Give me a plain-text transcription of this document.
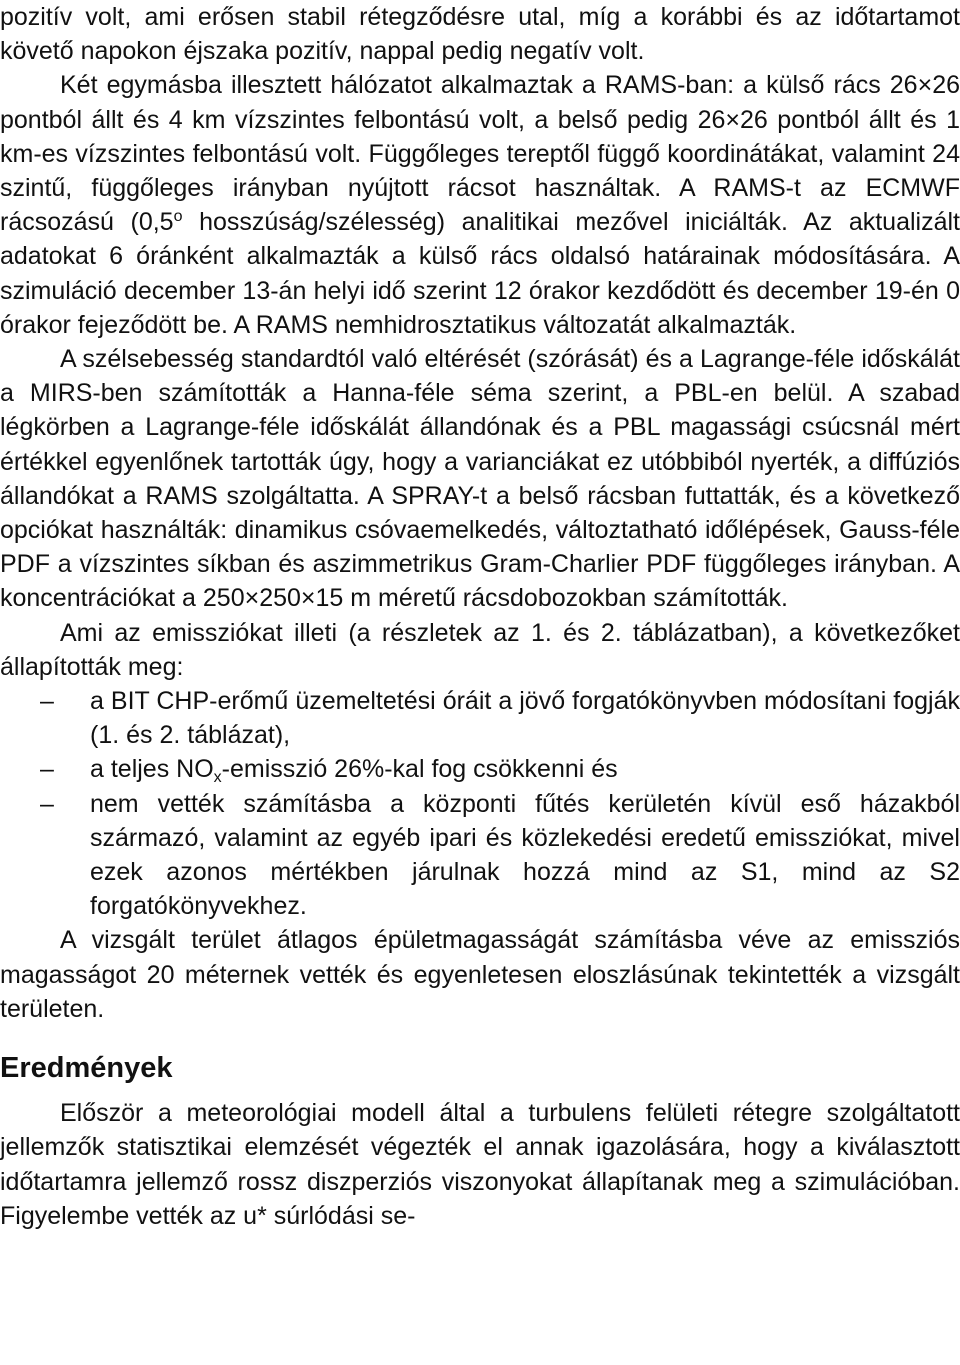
pozitív volt, ami erősen stabil rétegződésre utal, míg a korábbi és az időtartamot követő napokon éjszaka pozitív, nappal pedig negatív volt.

Két egymásba illesztett hálózatot alkalmaztak a RAMS-ban: a külső rács 26×26 pontból állt és 4 km vízszintes felbontású volt, a belső pedig 26×26 pontból állt és 1 km-es vízszintes felbontású volt. Függőleges tereptől függő koordinátákat, valamint 24 szintű, függőleges irányban nyújtott rácsot használtak. A RAMS-t az ECMWF rácsozású (0,5$^o$ hosszúság/szélesség) analitikai mezővel iniciálták. Az aktualizált adatokat 6 óránként alkalmazták a külső rács oldalsó határainak módosítására. A szimuláció december 13-án helyi idő szerint 12 órakor kezdődött és december 19-én 0 órakor fejeződött be. A RAMS nemhidrosztatikus változatát alkalmazták.

A szélsebesség standardtól való eltérését (szórását) és a Lagrange-féle időskálát a MIRS-ben számították a Hanna-féle séma szerint, a PBL-en belül. A szabad légkörben a Lagrange-féle időskálát állandónak és a PBL magassági csúcsnál mért értékkel egyenlőnek tartották úgy, hogy a varianciákat ez utóbbiból nyerték, a diffúziós állandókat a RAMS szolgáltatta. A SPRAY-t a belső rácsban futtatták, és a következő opciókat használták: dinamikus csóvaemelkedés, változtatható időlépések, Gauss-féle PDF a vízszintes síkban és aszimmetrikus Gram-Charlier PDF függőleges irányban. A koncentrációkat a 250×250×15 m méretű rácsdobozokban számították.

Ami az emissziókat illeti (a részletek az 1. és 2. táblázatban), a következőket állapították meg:

–	a BIT CHP-erőmű üzemeltetési óráit a jövő forgatókönyvben módosítani fogják (1. és 2. táblázat),
–	a teljes $NO_x$-emisszió 26%-kal fog csökkenni és
–	nem vették számításba a központi fűtés kerületén kívül eső házakból származó, valamint az egyéb ipari és közlekedési eredetű emissziókat, mivel ezek azonos mértékben járulnak hozzá mind az S1, mind az S2 forgatókönyvekhez.

A vizsgált terület átlagos épületmagasságát számításba véve az emissziós magasságot 20 méternek vették és egyenletesen eloszlásúnak tekintették a vizsgált területen.

Eredmények

Először a meteorológiai modell által a turbulens felületi rétegre szolgáltatott jellemzők statisztikai elemzését végezték el annak igazolására, hogy a kiválasztott időtartamra jellemző rossz diszperziós viszonyokat állapítanak meg a szimulációban. Figyelembe vették az u* súrlódási se-
